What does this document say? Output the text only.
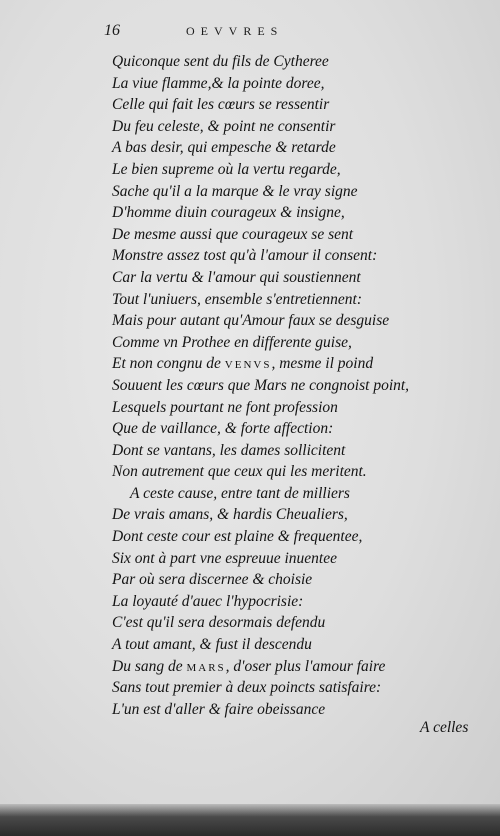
16	OEVVRES
Quiconque sent du fils de Cytheree
La viue flamme,& la pointe doree,
Celle qui fait les cœurs se ressentir
Du feu celeste, & point ne consentir
A bas desir, qui empesche & retarde
Le bien supreme où la vertu regarde,
Sache qu'il a la marque & le vray signe
D'homme diuin courageux & insigne,
De mesme aussi que courageux se sent
Monstre assez tost qu'à l'amour il consent:
Car la vertu & l'amour qui soustiennent
Tout l'uniuers, ensemble s'entretiennent:
Mais pour autant qu'Amour faux se desguise
Comme vn Prothee en differente guise,
Et non congnu de VENVS, mesme il poind
Souuent les cœurs que Mars ne congnoist point,
Lesquels pourtant ne font profession
Que de vaillance, & forte affection:
Dont se vantans, les dames sollicitent
Non autrement que ceux qui les meritent.
A ceste cause, entre tant de milliers
De vrais amans, & hardis Cheualiers,
Dont ceste cour est plaine & frequentee,
Six ont à part vne espreuue inuentee
Par où sera discernee & choisie
La loyauté d'auec l'hypocrisie:
C'est qu'il sera desormais defendu
A tout amant, & fust il descendu
Du sang de MARS, d'oser plus l'amour faire
Sans tout premier à deux poincts satisfaire:
L'un est d'aller & faire obeissance
A celles
